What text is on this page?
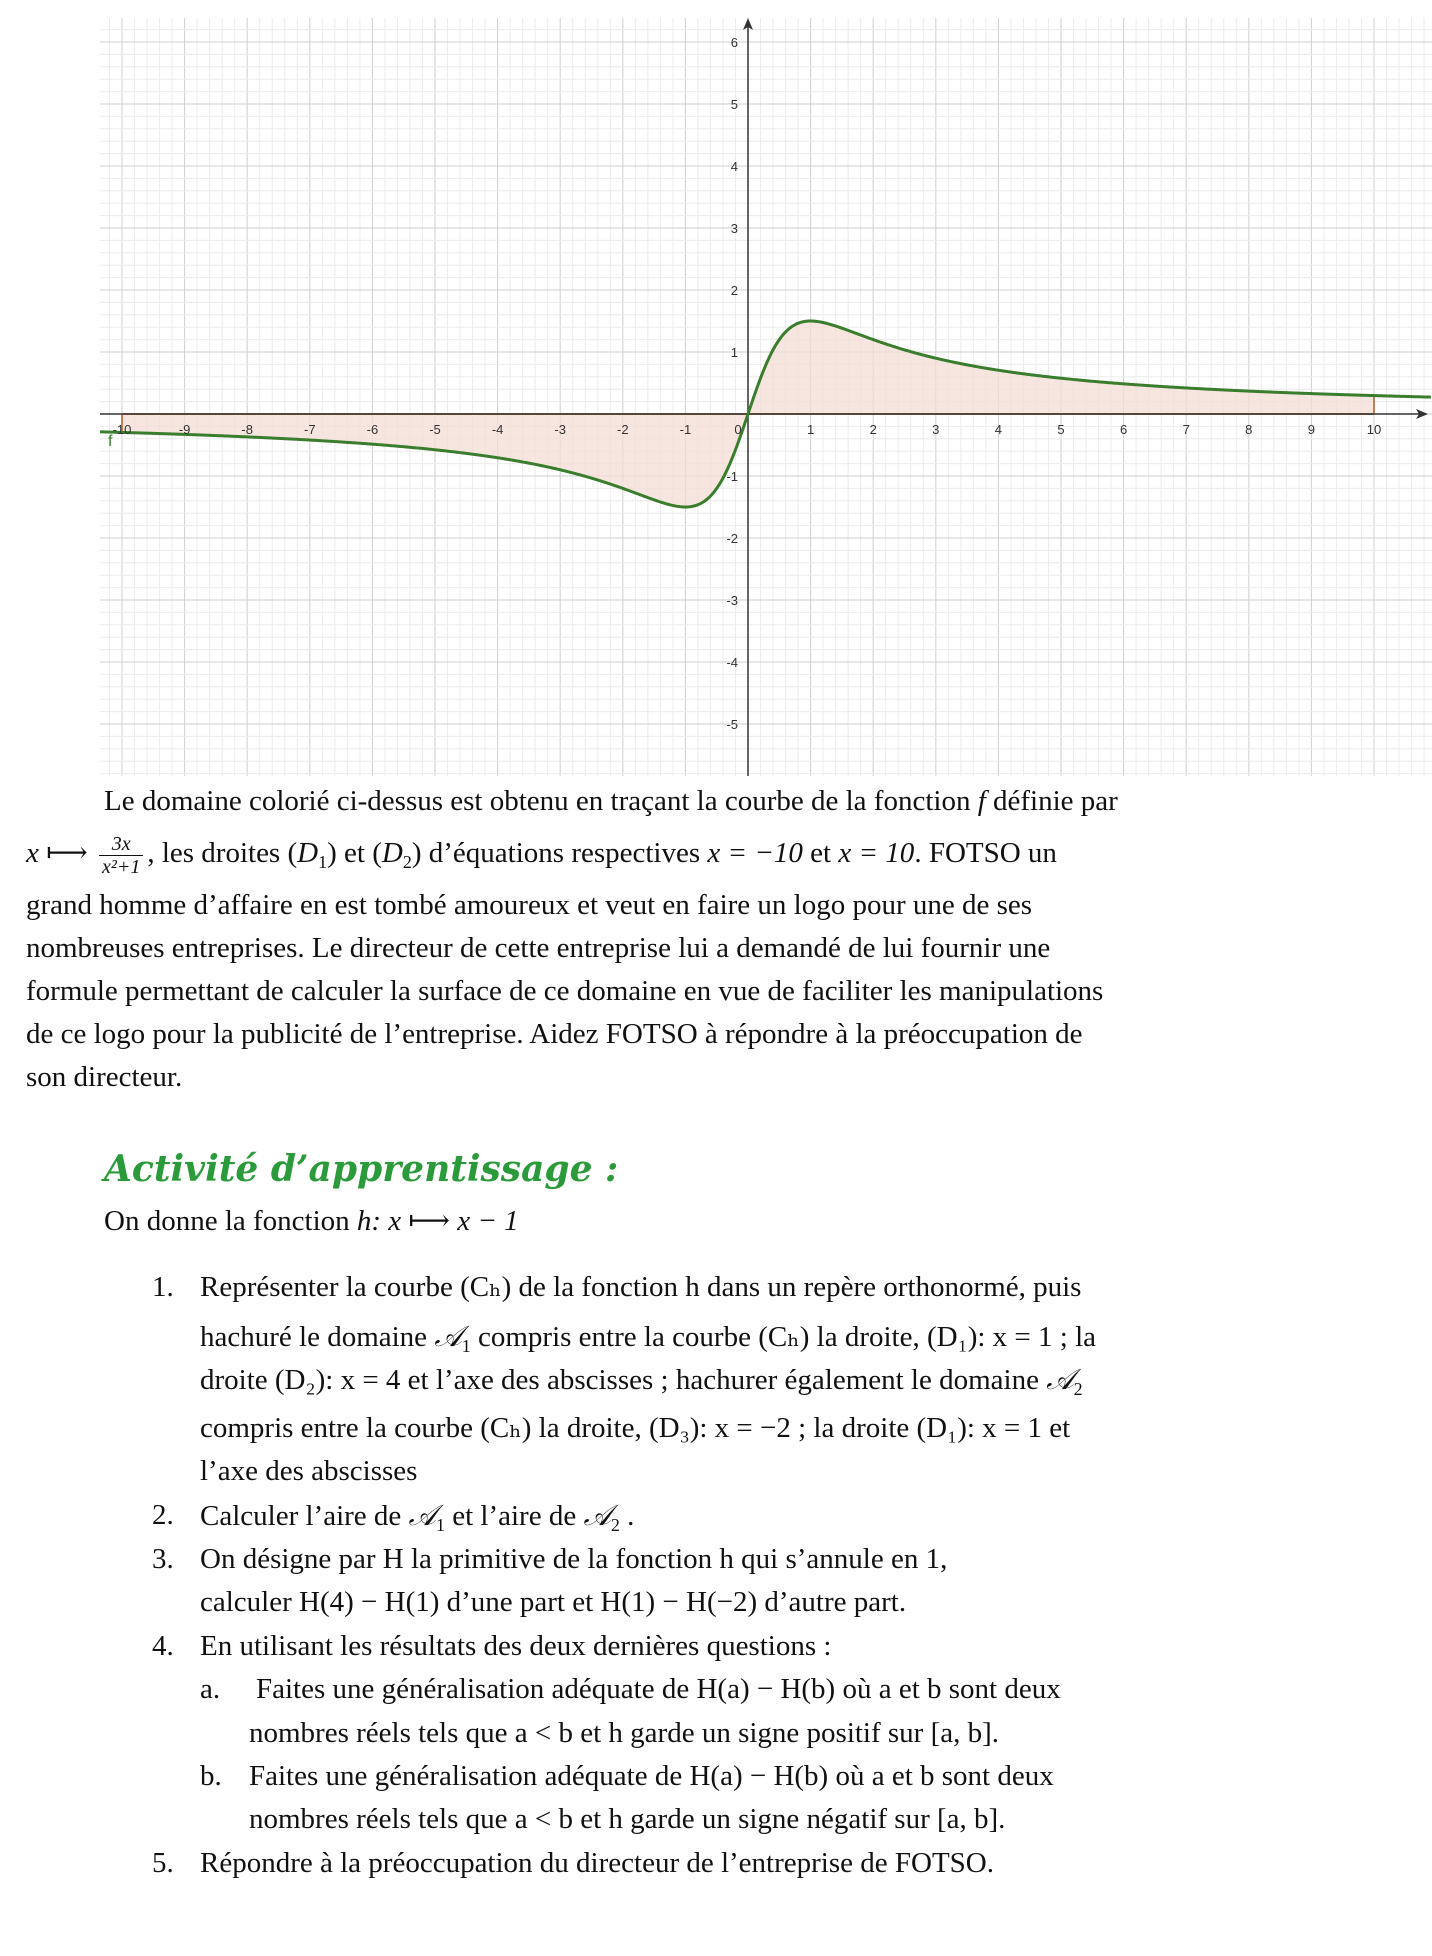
-10	-9	-8	-7	-6	-5	-4	-3	-2	-1	0	1	2	3	4	5	6	7	8	9	10
6
5
4
3
2
1
-1
-2
-3
-4
-5
f
Le domaine colorié ci-dessus est obtenu en traçant la courbe de la fonction f définie par
x ⟼ $\frac{3x}{\text{x²+1}}$ , les droites $(D_1)$ et $(D_2)$ d’équations respectives x = −10 et x = 10. FOTSO un
grand homme d’affaire en est tombé amoureux et veut en faire un logo pour une de ses
nombreuses entreprises. Le directeur de cette entreprise lui a demandé de lui fournir une
formule permettant de calculer la surface de ce domaine en vue de faciliter les manipulations
de ce logo pour la publicité de l’entreprise. Aidez FOTSO à répondre à la préoccupation de
son directeur.
Activité d’apprentissage :
On donne la fonction h: x ⟼ x − 1
1. Représenter la courbe (Cₕ) de la fonction h dans un repère orthonormé, puis
hachuré le domaine 𝒜$_1$ compris entre la courbe (Cₕ) la droite, (D₁): x = 1 ; la
droite (D₂): x = 4 et l’axe des abscisses ; hachurer également le domaine 𝒜$_2$
compris entre la courbe (Cₕ) la droite, (D₃): x = −2 ; la droite (D₁): x = 1 et
l’axe des abscisses
2. Calculer l’aire de 𝒜$_1$ et l’aire de 𝒜$_2$ .
3. On désigne par H la primitive de la fonction h qui s’annule en 1,
calculer H(4) − H(1) d’une part et H(1) − H(−2) d’autre part.
4. En utilisant les résultats des deux dernières questions :
a. Faites une généralisation adéquate de H(a) − H(b) où a et b sont deux
nombres réels tels que a < b et h garde un signe positif sur [a, b].
b. Faites une généralisation adéquate de H(a) − H(b) où a et b sont deux
nombres réels tels que a < b et h garde un signe négatif sur [a, b].
5. Répondre à la préoccupation du directeur de l’entreprise de FOTSO.
